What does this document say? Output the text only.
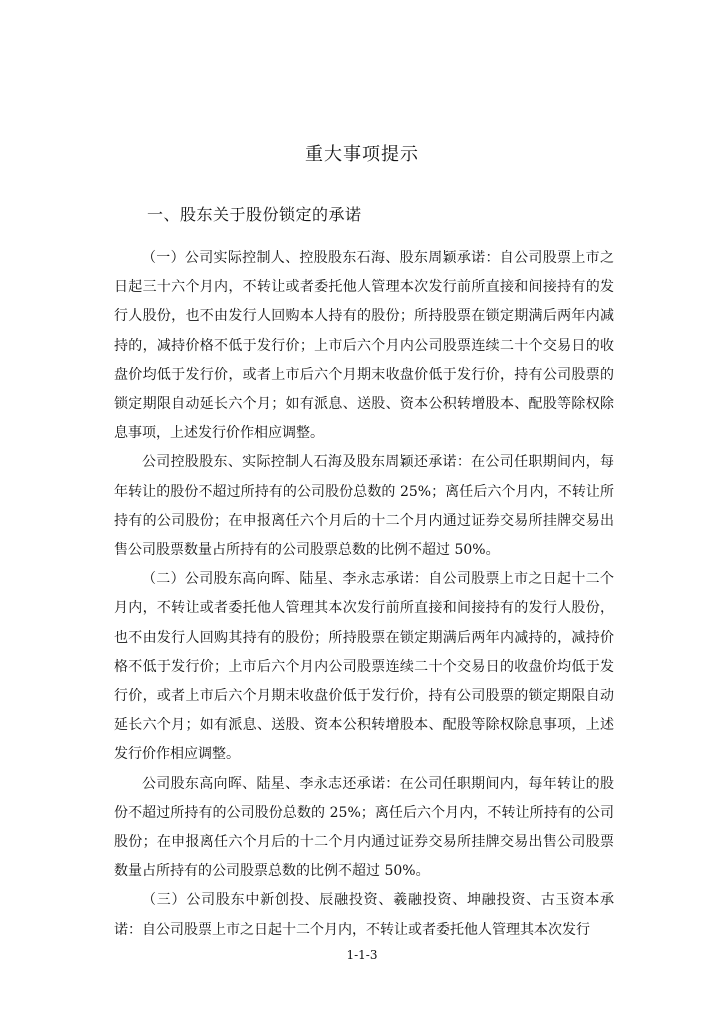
重大事项提示
一、股东关于股份锁定的承诺

（一）公司实际控制人、控股股东石海、股东周颖承诺：自公司股票上市之日起三十六个月内，不转让或者委托他人管理本次发行前所直接和间接持有的发行人股份，也不由发行人回购本人持有的股份；所持股票在锁定期满后两年内减持的，减持价格不低于发行价；上市后六个月内公司股票连续二十个交易日的收盘价均低于发行价，或者上市后六个月期末收盘价低于发行价，持有公司股票的锁定期限自动延长六个月；如有派息、送股、资本公积转增股本、配股等除权除息事项，上述发行价作相应调整。

公司控股股东、实际控制人石海及股东周颖还承诺：在公司任职期间内，每年转让的股份不超过所持有的公司股份总数的 25%；离任后六个月内，不转让所持有的公司股份；在申报离任六个月后的十二个月内通过证券交易所挂牌交易出售公司股票数量占所持有的公司股票总数的比例不超过 50%。

（二）公司股东高向晖、陆星、李永志承诺：自公司股票上市之日起十二个月内，不转让或者委托他人管理其本次发行前所直接和间接持有的发行人股份，也不由发行人回购其持有的股份；所持股票在锁定期满后两年内减持的，减持价格不低于发行价；上市后六个月内公司股票连续二十个交易日的收盘价均低于发行价，或者上市后六个月期末收盘价低于发行价，持有公司股票的锁定期限自动延长六个月；如有派息、送股、资本公积转增股本、配股等除权除息事项，上述发行价作相应调整。

公司股东高向晖、陆星、李永志还承诺：在公司任职期间内，每年转让的股份不超过所持有的公司股份总数的 25%；离任后六个月内，不转让所持有的公司股份；在申报离任六个月后的十二个月内通过证券交易所挂牌交易出售公司股票数量占所持有的公司股票总数的比例不超过 50%。

（三）公司股东中新创投、辰融投资、羲融投资、坤融投资、古玉资本承诺：自公司股票上市之日起十二个月内，不转让或者委托他人管理其本次发行

1-1-3
